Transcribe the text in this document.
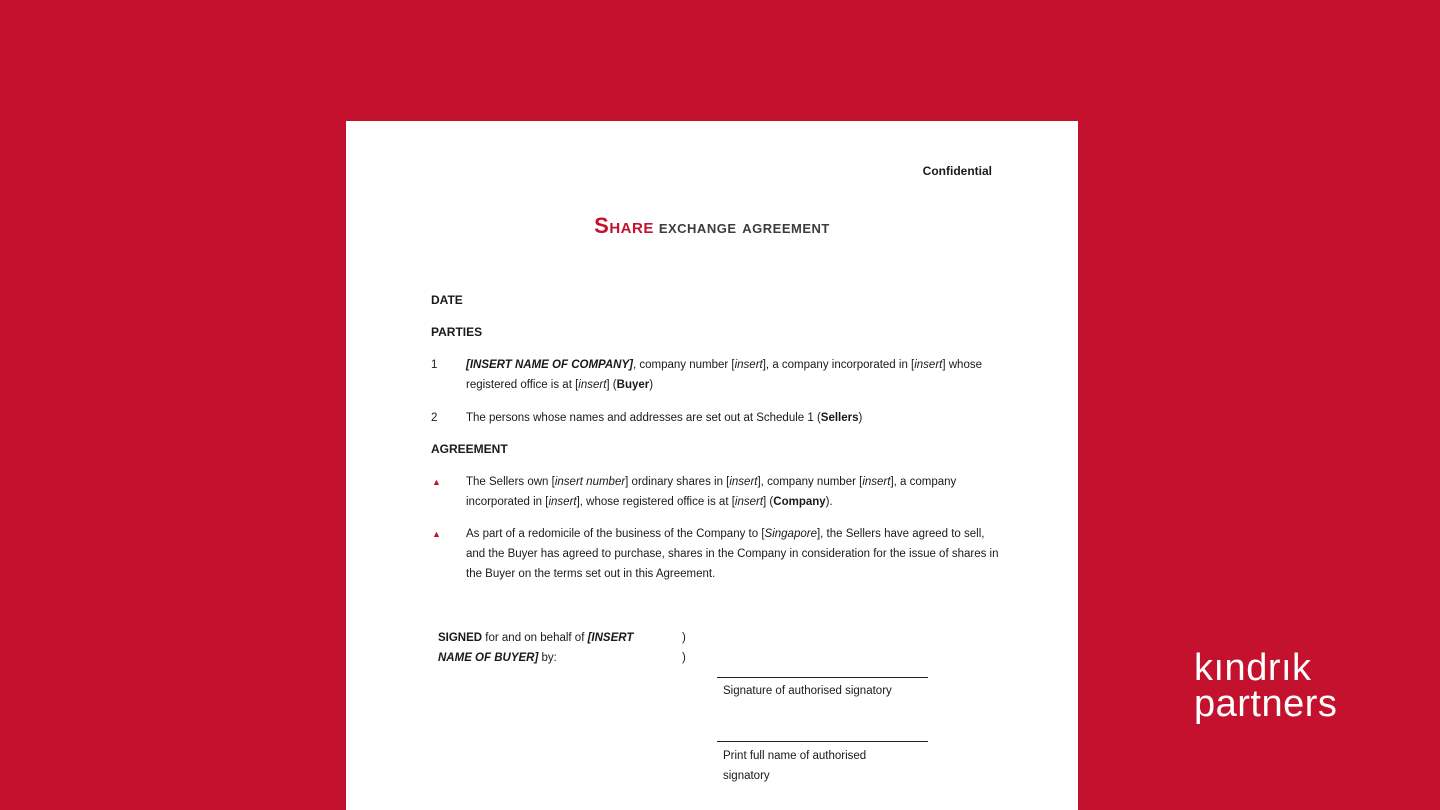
Confidential
Share exchange agreement
DATE
PARTIES
1 [INSERT NAME OF COMPANY], company number [insert], a company incorporated in [insert] whose registered office is at [insert] (Buyer)
2 The persons whose names and addresses are set out at Schedule 1 (Sellers)
AGREEMENT
▲ The Sellers own [insert number] ordinary shares in [insert], company number [insert], a company incorporated in [insert], whose registered office is at [insert] (Company).
▲ As part of a redomicile of the business of the Company to [Singapore], the Sellers have agreed to sell, and the Buyer has agreed to purchase, shares in the Company in consideration for the issue of shares in the Buyer on the terms set out in this Agreement.
SIGNED for and on behalf of [INSERT NAME OF BUYER] by:
)
)
Signature of authorised signatory
Print full name of authorised signatory
kındrık
partners
